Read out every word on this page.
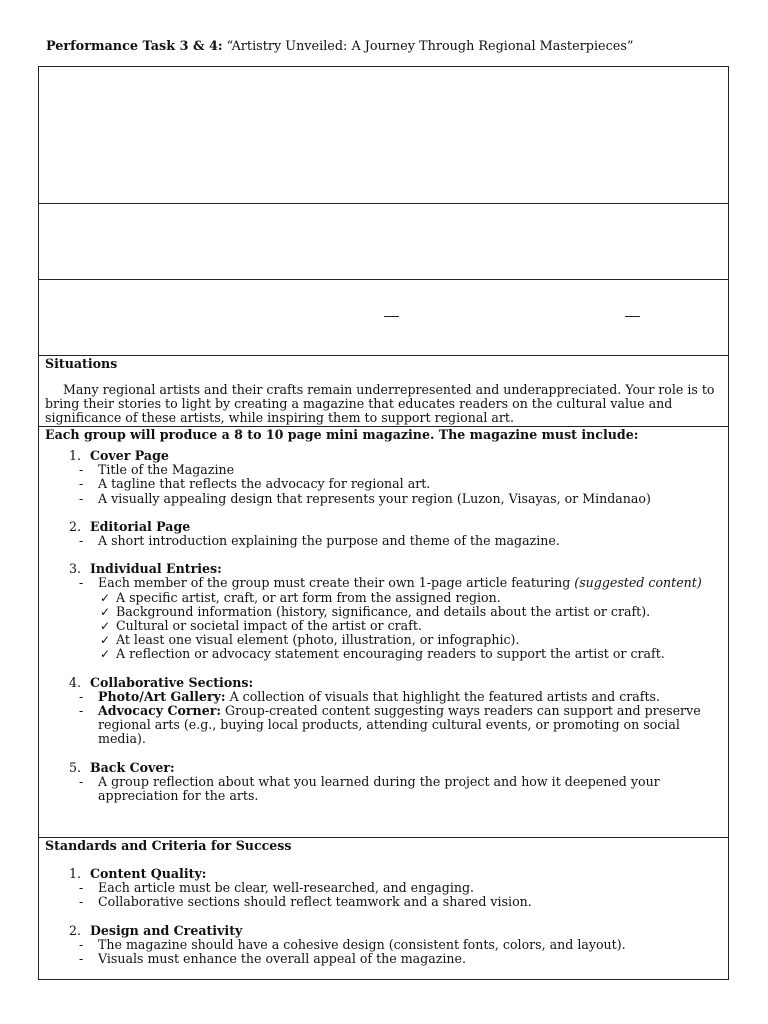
Performance Task 3 & 4: “Artistry Unveiled: A Journey Through Regional Masterpieces”
Situations

Many regional artists and their crafts remain underrepresented and underappreciated. Your role is to bring their stories to light by creating a magazine that educates readers on the cultural value and significance of these artists, while inspiring them to support regional art.

Each group will produce a 8 to 10 page mini magazine. The magazine must include:
1. Cover Page
- Title of the Magazine
- A tagline that reflects the advocacy for regional art.
- A visually appealing design that represents your region (Luzon, Visayas, or Mindanao)
2. Editorial Page
- A short introduction explaining the purpose and theme of the magazine.
3. Individual Entries:
- Each member of the group must create their own 1-page article featuring (suggested content)
✓ A specific artist, craft, or art form from the assigned region.
✓ Background information (history, significance, and details about the artist or craft).
✓ Cultural or societal impact of the artist or craft.
✓ At least one visual element (photo, illustration, or infographic).
✓ A reflection or advocacy statement encouraging readers to support the artist or craft.
4. Collaborative Sections:
- Photo/Art Gallery: A collection of visuals that highlight the featured artists and crafts.
- Advocacy Corner: Group-created content suggesting ways readers can support and preserve regional arts (e.g., buying local products, attending cultural events, or promoting on social media).
5. Back Cover:
- A group reflection about what you learned during the project and how it deepened your appreciation for the arts.
Standards and Criteria for Success
1. Content Quality:
- Each article must be clear, well-researched, and engaging.
- Collaborative sections should reflect teamwork and a shared vision.
2. Design and Creativity
- The magazine should have a cohesive design (consistent fonts, colors, and layout).
- Visuals must enhance the overall appeal of the magazine.
